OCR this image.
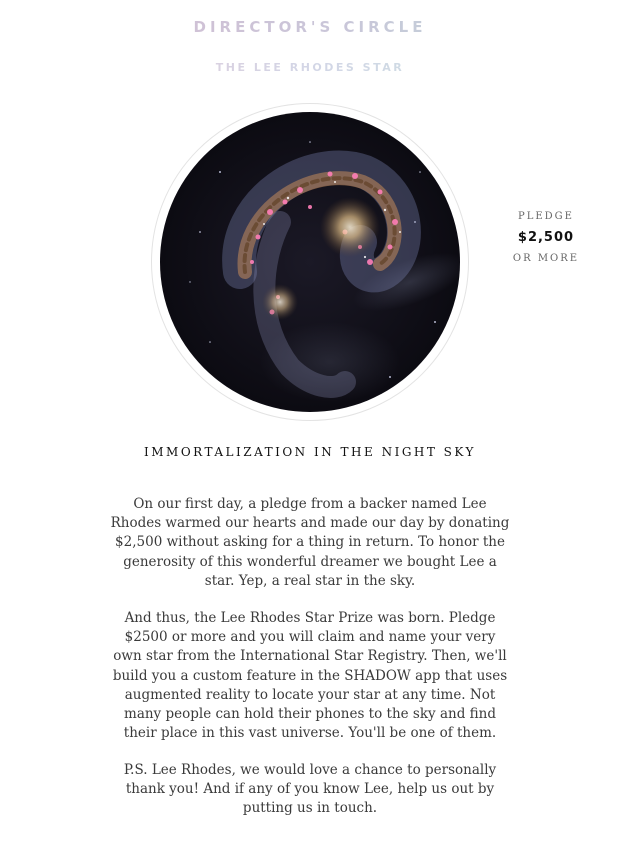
DIRECTOR'S CIRCLE
THE LEE RHODES STAR
PLEDGE
$2,500
OR MORE
IMMORTALIZATION IN THE NIGHT SKY

On our first day, a pledge from a backer named Lee Rhodes warmed our hearts and made our day by donating $2,500 without asking for a thing in return. To honor the generosity of this wonderful dreamer we bought Lee a star. Yep, a real star in the sky.

And thus, the Lee Rhodes Star Prize was born. Pledge $2500 or more and you will claim and name your very own star from the International Star Registry. Then, we'll build you a custom feature in the SHADOW app that uses augmented reality to locate your star at any time. Not many people can hold their phones to the sky and find their place in this vast universe. You'll be one of them.

P.S. Lee Rhodes, we would love a chance to personally thank you! And if any of you know Lee, help us out by putting us in touch.
